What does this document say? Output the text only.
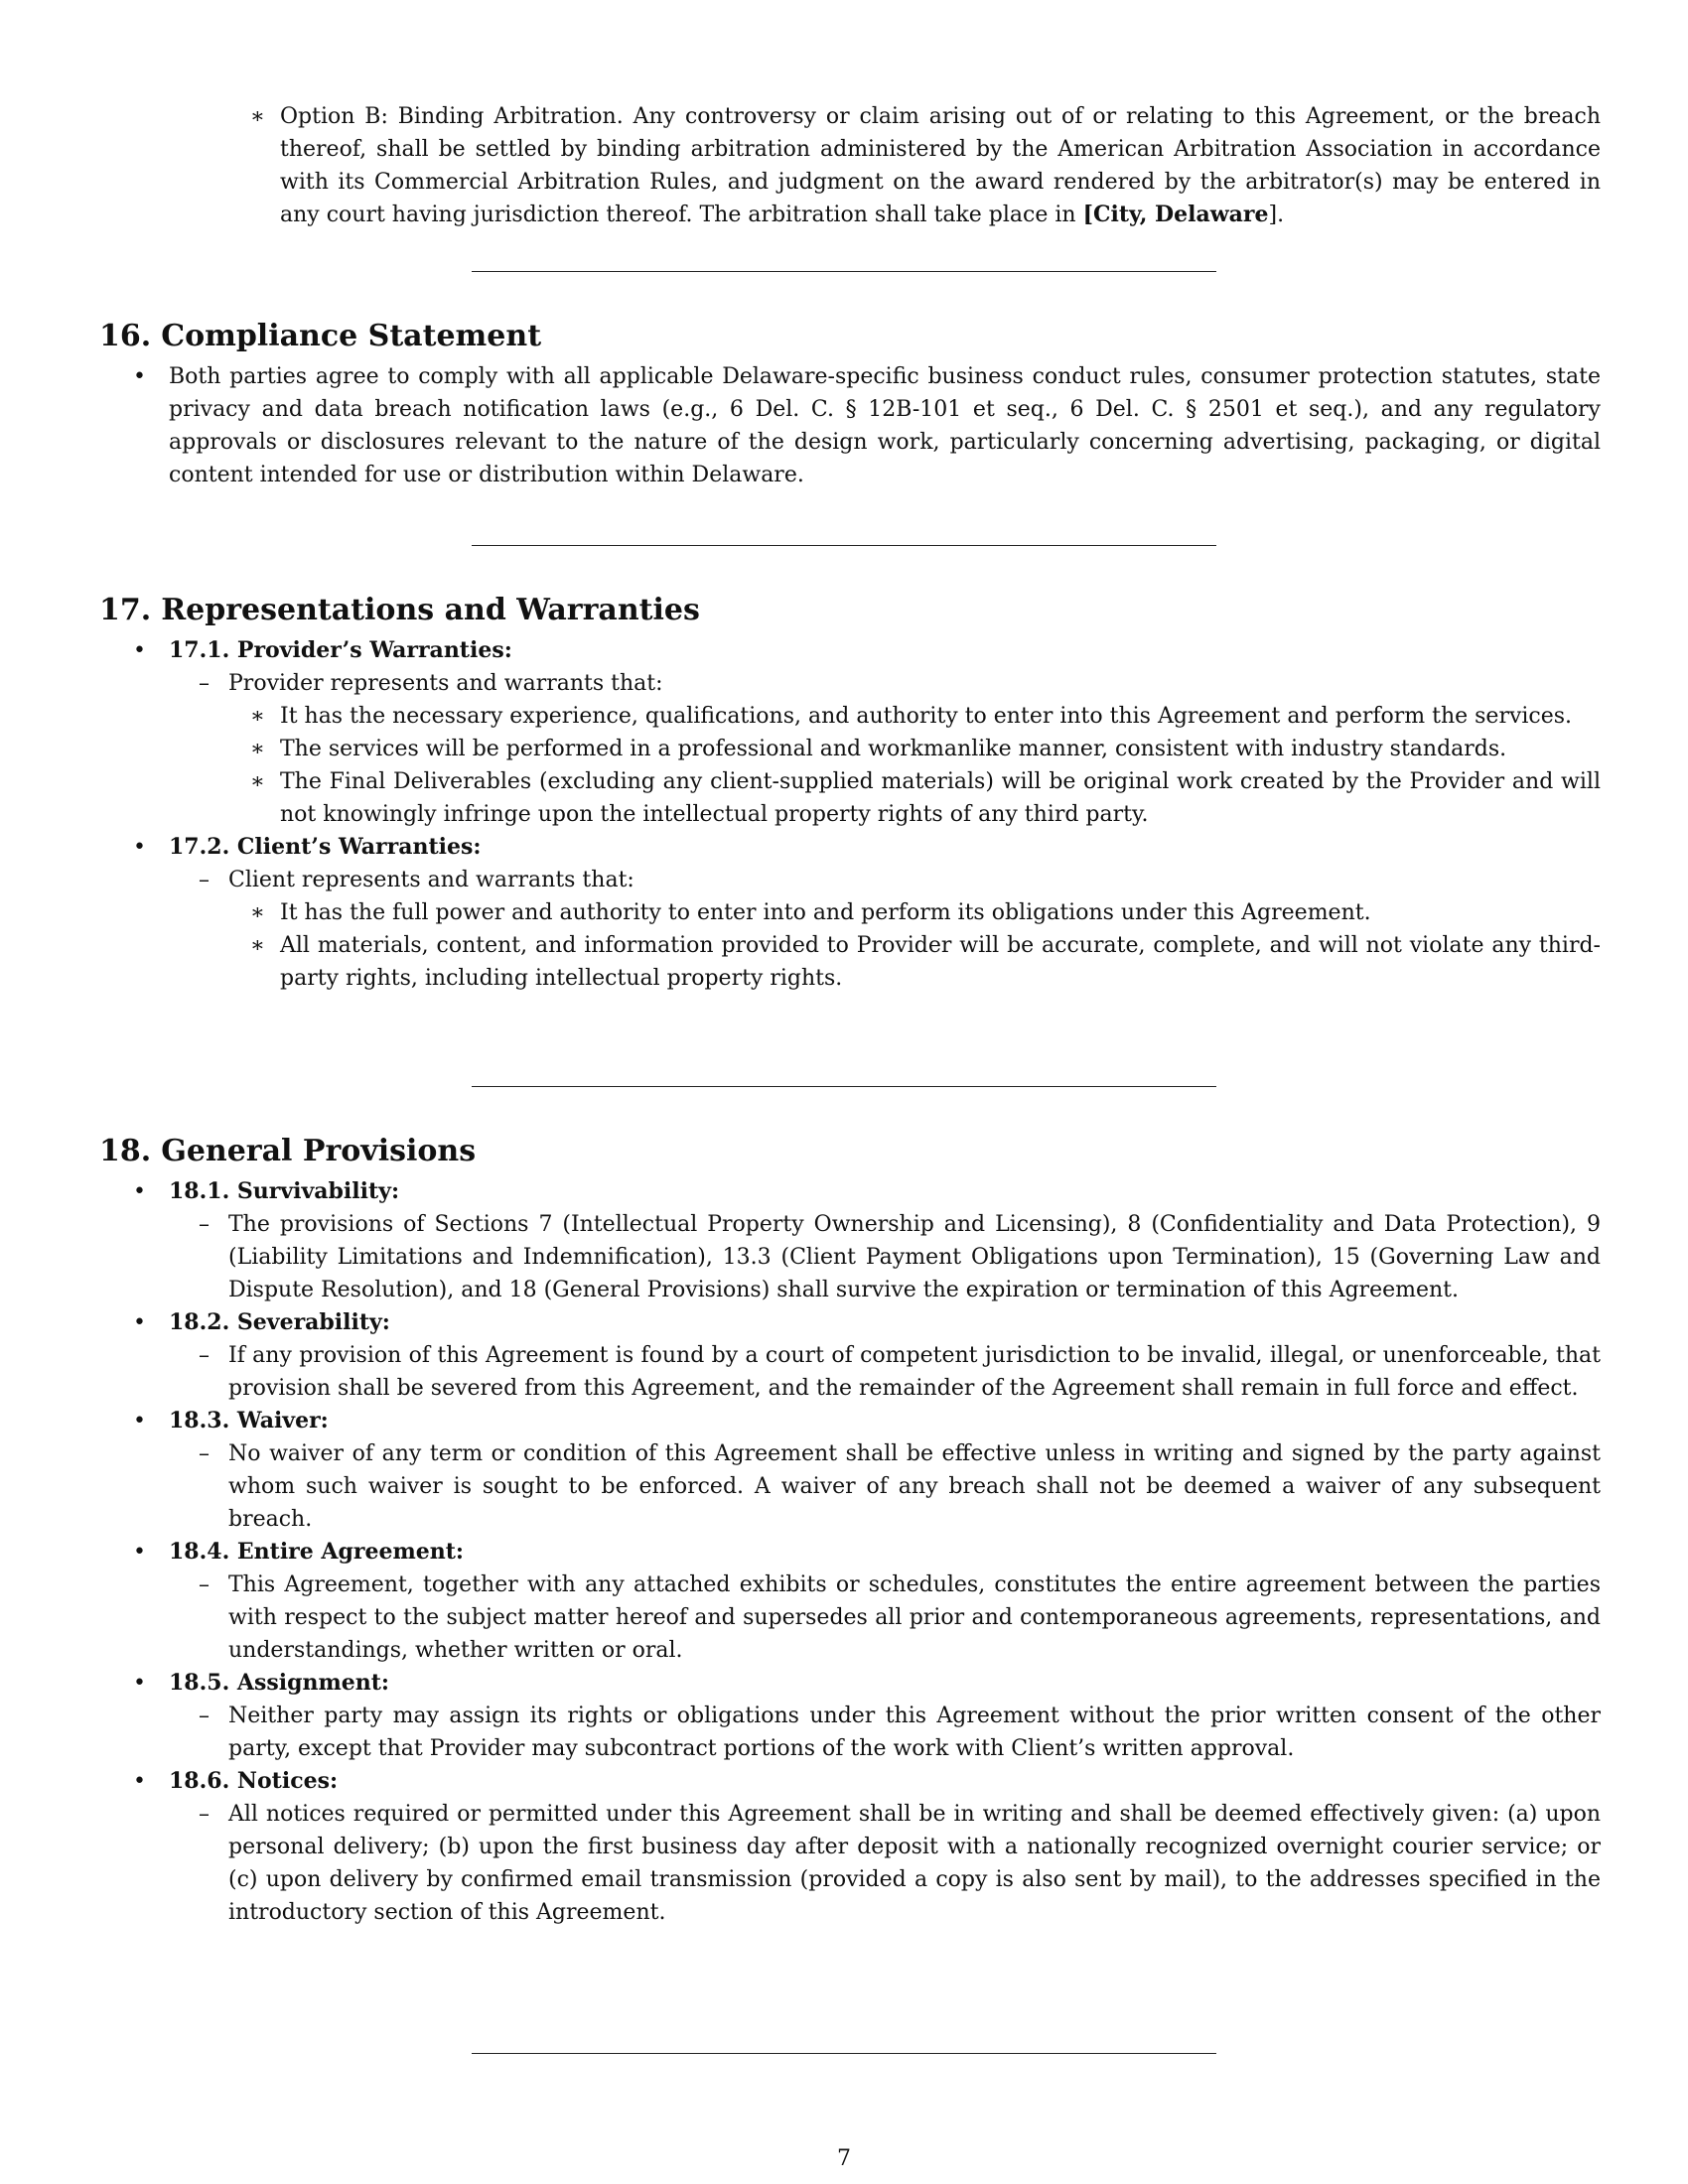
∗ Option B: Binding Arbitration. Any controversy or claim arising out of or relating to this Agreement, or the breach thereof, shall be settled by binding arbitration administered by the American Arbitration Association in accordance with its Commercial Arbitration Rules, and judgment on the award rendered by the arbitrator(s) may be entered in any court having jurisdiction thereof. The arbitration shall take place in [City, Delaware].
16. Compliance Statement
• Both parties agree to comply with all applicable Delaware-specific business conduct rules, consumer protection statutes, state privacy and data breach notification laws (e.g., 6 Del. C. § 12B-101 et seq., 6 Del. C. § 2501 et seq.), and any regulatory approvals or disclosures relevant to the nature of the design work, particularly concerning advertising, packaging, or digital content intended for use or distribution within Delaware.
17. Representations and Warranties
• 17.1. Provider’s Warranties:
– Provider represents and warrants that:
∗ It has the necessary experience, qualifications, and authority to enter into this Agreement and perform the services.
∗ The services will be performed in a professional and workmanlike manner, consistent with industry standards.
∗ The Final Deliverables (excluding any client-supplied materials) will be original work created by the Provider and will not knowingly infringe upon the intellectual property rights of any third party.
• 17.2. Client’s Warranties:
– Client represents and warrants that:
∗ It has the full power and authority to enter into and perform its obligations under this Agreement.
∗ All materials, content, and information provided to Provider will be accurate, complete, and will not violate any third-party rights, including intellectual property rights.
18. General Provisions
• 18.1. Survivability:
– The provisions of Sections 7 (Intellectual Property Ownership and Licensing), 8 (Confidentiality and Data Protection), 9 (Liability Limitations and Indemnification), 13.3 (Client Payment Obligations upon Termination), 15 (Governing Law and Dispute Resolution), and 18 (General Provisions) shall survive the expiration or termination of this Agreement.
• 18.2. Severability:
– If any provision of this Agreement is found by a court of competent jurisdiction to be invalid, illegal, or unenforceable, that provision shall be severed from this Agreement, and the remainder of the Agreement shall remain in full force and effect.
• 18.3. Waiver:
– No waiver of any term or condition of this Agreement shall be effective unless in writing and signed by the party against whom such waiver is sought to be enforced. A waiver of any breach shall not be deemed a waiver of any subsequent breach.
• 18.4. Entire Agreement:
– This Agreement, together with any attached exhibits or schedules, constitutes the entire agreement between the parties with respect to the subject matter hereof and supersedes all prior and contemporaneous agreements, representations, and understandings, whether written or oral.
• 18.5. Assignment:
– Neither party may assign its rights or obligations under this Agreement without the prior written consent of the other party, except that Provider may subcontract portions of the work with Client’s written approval.
• 18.6. Notices:
– All notices required or permitted under this Agreement shall be in writing and shall be deemed effectively given: (a) upon personal delivery; (b) upon the first business day after deposit with a nationally recognized overnight courier service; or (c) upon delivery by confirmed email transmission (provided a copy is also sent by mail), to the addresses specified in the introductory section of this Agreement.
7
